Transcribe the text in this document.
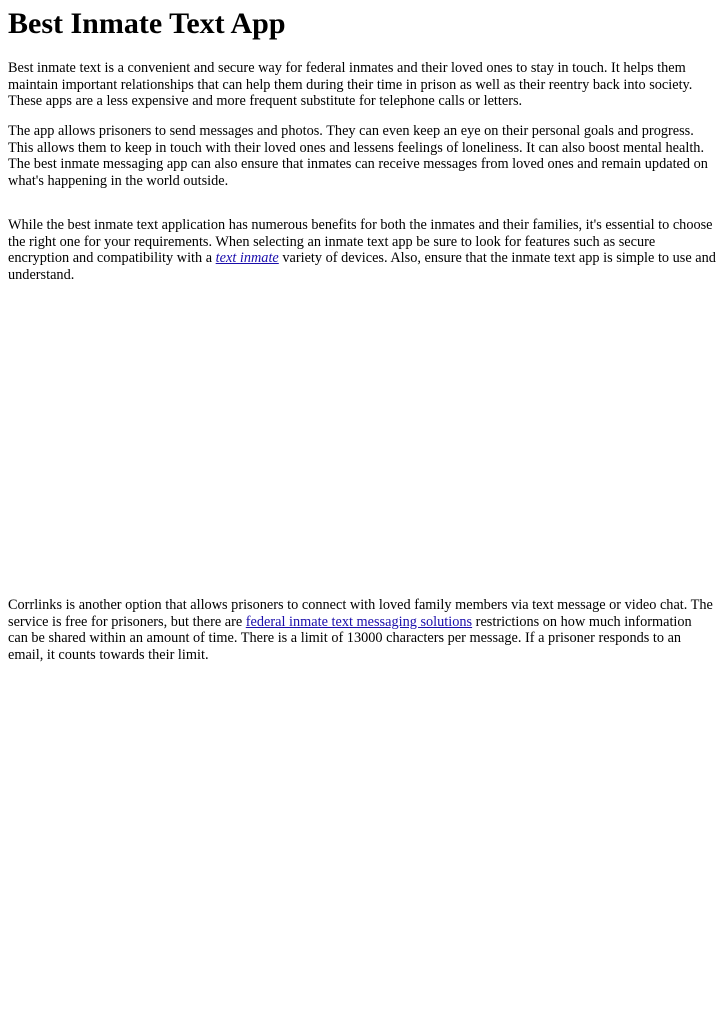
Best Inmate Text App

Best inmate text is a convenient and secure way for federal inmates and their loved ones to stay in touch. It helps them maintain important relationships that can help them during their time in prison as well as their reentry back into society. These apps are a less expensive and more frequent substitute for telephone calls or letters.

The app allows prisoners to send messages and photos. They can even keep an eye on their personal goals and progress. This allows them to keep in touch with their loved ones and lessens feelings of loneliness. It can also boost mental health. The best inmate messaging app can also ensure that inmates can receive messages from loved ones and remain updated on what's happening in the world outside.

While the best inmate text application has numerous benefits for both the inmates and their families, it's essential to choose the right one for your requirements. When selecting an inmate text app be sure to look for features such as secure encryption and compatibility with a text inmate variety of devices. Also, ensure that the inmate text app is simple to use and understand.

Corrlinks is another option that allows prisoners to connect with loved family members via text message or video chat. The service is free for prisoners, but there are federal inmate text messaging solutions restrictions on how much information can be shared within an amount of time. There is a limit of 13000 characters per message. If a prisoner responds to an email, it counts towards their limit.
